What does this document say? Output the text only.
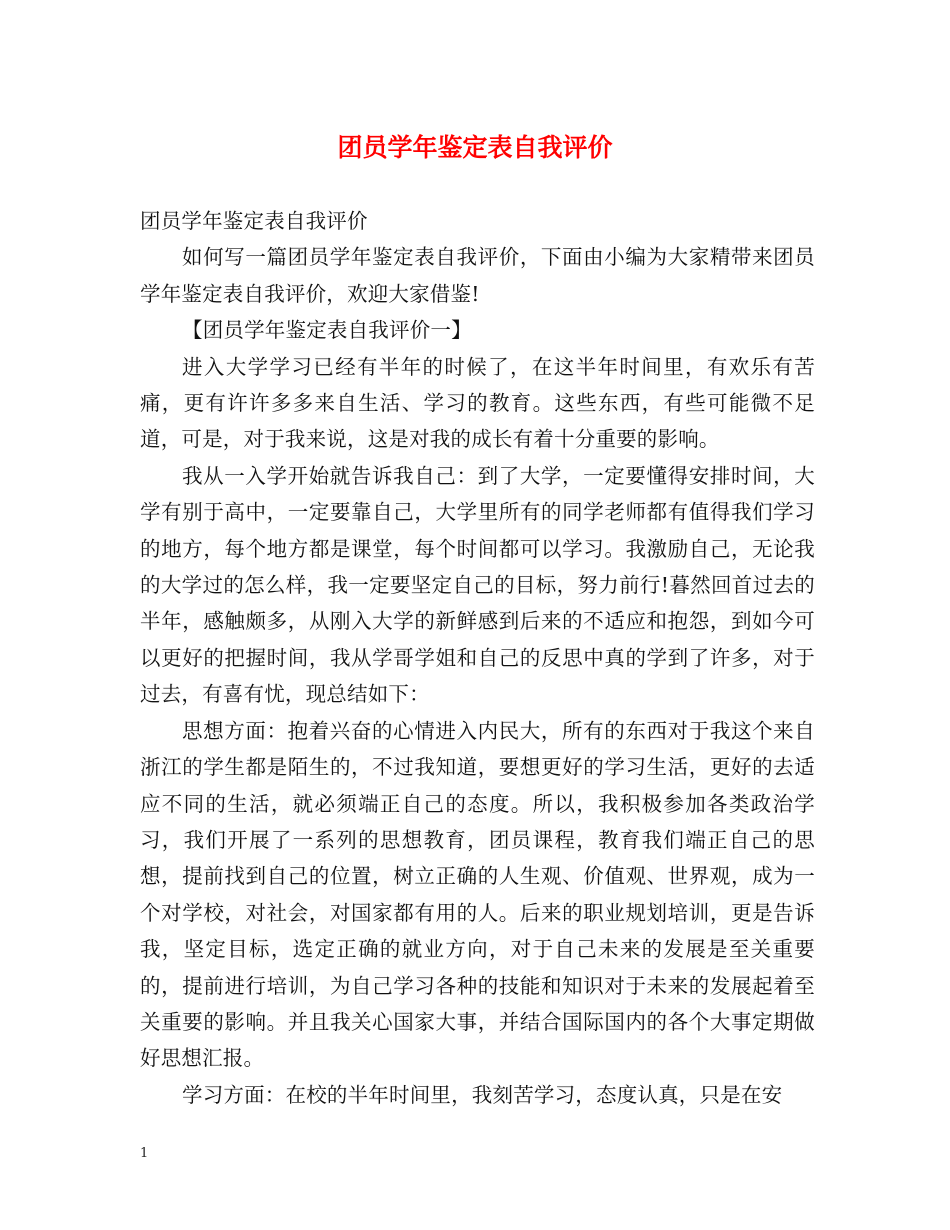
团员学年鉴定表自我评价

团员学年鉴定表自我评价

如何写一篇团员学年鉴定表自我评价，下面由小编为大家精带来团员学年鉴定表自我评价，欢迎大家借鉴!

【团员学年鉴定表自我评价一】

进入大学学习已经有半年的时候了，在这半年时间里，有欢乐有苦痛，更有许许多多来自生活、学习的教育。这些东西，有些可能微不足道，可是，对于我来说，这是对我的成长有着十分重要的影响。

我从一入学开始就告诉我自己：到了大学，一定要懂得安排时间，大学有别于高中，一定要靠自己，大学里所有的同学老师都有值得我们学习的地方，每个地方都是课堂，每个时间都可以学习。我激励自己，无论我的大学过的怎么样，我一定要坚定自己的目标，努力前行!暮然回首过去的半年，感触颇多，从刚入大学的新鲜感到后来的不适应和抱怨，到如今可以更好的把握时间，我从学哥学姐和自己的反思中真的学到了许多，对于过去，有喜有忧，现总结如下：

思想方面：抱着兴奋的心情进入内民大，所有的东西对于我这个来自浙江的学生都是陌生的，不过我知道，要想更好的学习生活，更好的去适应不同的生活，就必须端正自己的态度。所以，我积极参加各类政治学习，我们开展了一系列的思想教育，团员课程，教育我们端正自己的思想，提前找到自己的位置，树立正确的人生观、价值观、世界观，成为一个对学校，对社会，对国家都有用的人。后来的职业规划培训，更是告诉我，坚定目标，选定正确的就业方向，对于自己未来的发展是至关重要的，提前进行培训，为自己学习各种的技能和知识对于未来的发展起着至关重要的影响。并且我关心国家大事，并结合国际国内的各个大事定期做好思想汇报。

学习方面：在校的半年时间里，我刻苦学习，态度认真，只是在安

1
